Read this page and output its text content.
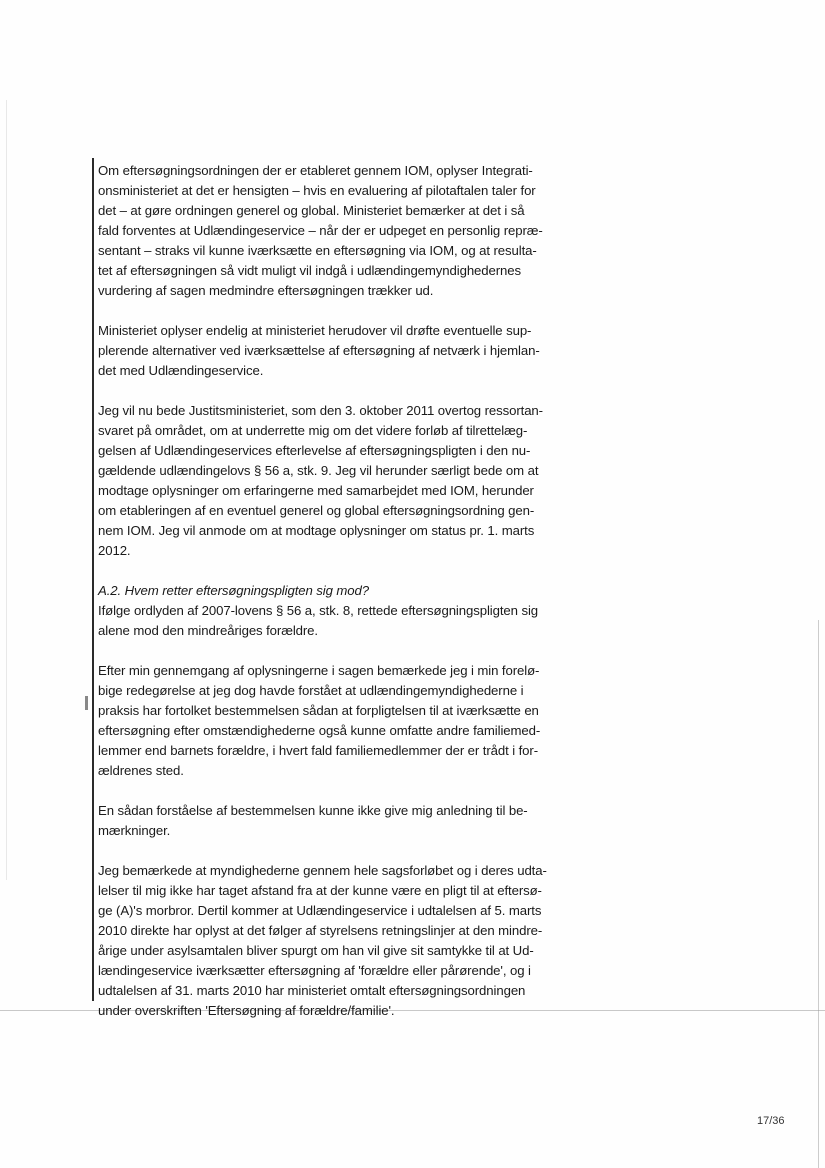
Om eftersøgningsordningen der er etableret gennem IOM, oplyser Integrati-
onsministeriet at det er hensigten – hvis en evaluering af pilotaftalen taler for
det – at gøre ordningen generel og global. Ministeriet bemærker at det i så
fald forventes at Udlændingeservice – når der er udpeget en personlig repræ-
sentant – straks vil kunne iværksætte en eftersøgning via IOM, og at resulta-
tet af eftersøgningen så vidt muligt vil indgå i udlændingemyndighedernes
vurdering af sagen medmindre eftersøgningen trækker ud.

Ministeriet oplyser endelig at ministeriet herudover vil drøfte eventuelle sup-
plerende alternativer ved iværksættelse af eftersøgning af netværk i hjemlan-
det med Udlændingeservice.

Jeg vil nu bede Justitsministeriet, som den 3. oktober 2011 overtog ressortan-
svaret på området, om at underrette mig om det videre forløb af tilrettelæg-
gelsen af Udlændingeservices efterlevelse af eftersøgningspligten i den nu-
gældende udlændingelovs § 56 a, stk. 9. Jeg vil herunder særligt bede om at
modtage oplysninger om erfaringerne med samarbejdet med IOM, herunder
om etableringen af en eventuel generel og global eftersøgningsordning gen-
nem IOM. Jeg vil anmode om at modtage oplysninger om status pr. 1. marts
2012.

A.2. Hvem retter eftersøgningspligten sig mod?
Ifølge ordlyden af 2007-lovens § 56 a, stk. 8, rettede eftersøgningspligten sig
alene mod den mindreåriges forældre.

Efter min gennemgang af oplysningerne i sagen bemærkede jeg i min forelø-
bige redegørelse at jeg dog havde forstået at udlændingemyndighederne i
praksis har fortolket bestemmelsen sådan at forpligtelsen til at iværksætte en
eftersøgning efter omstændighederne også kunne omfatte andre familiemed-
lemmer end barnets forældre, i hvert fald familiemedlemmer der er trådt i for-
ældrenes sted.

En sådan forståelse af bestemmelsen kunne ikke give mig anledning til be-
mærkninger.

Jeg bemærkede at myndighederne gennem hele sagsforløbet og i deres udta-
lelser til mig ikke har taget afstand fra at der kunne være en pligt til at eftersø-
ge (A)'s morbror. Dertil kommer at Udlændingeservice i udtalelsen af 5. marts
2010 direkte har oplyst at det følger af styrelsens retningslinjer at den mindre-
årige under asylsamtalen bliver spurgt om han vil give sit samtykke til at Ud-
lændingeservice iværksætter eftersøgning af 'forældre eller pårørende', og i
udtalelsen af 31. marts 2010 har ministeriet omtalt eftersøgningsordningen
under overskriften 'Eftersøgning af forældre/familie'.

17/36
